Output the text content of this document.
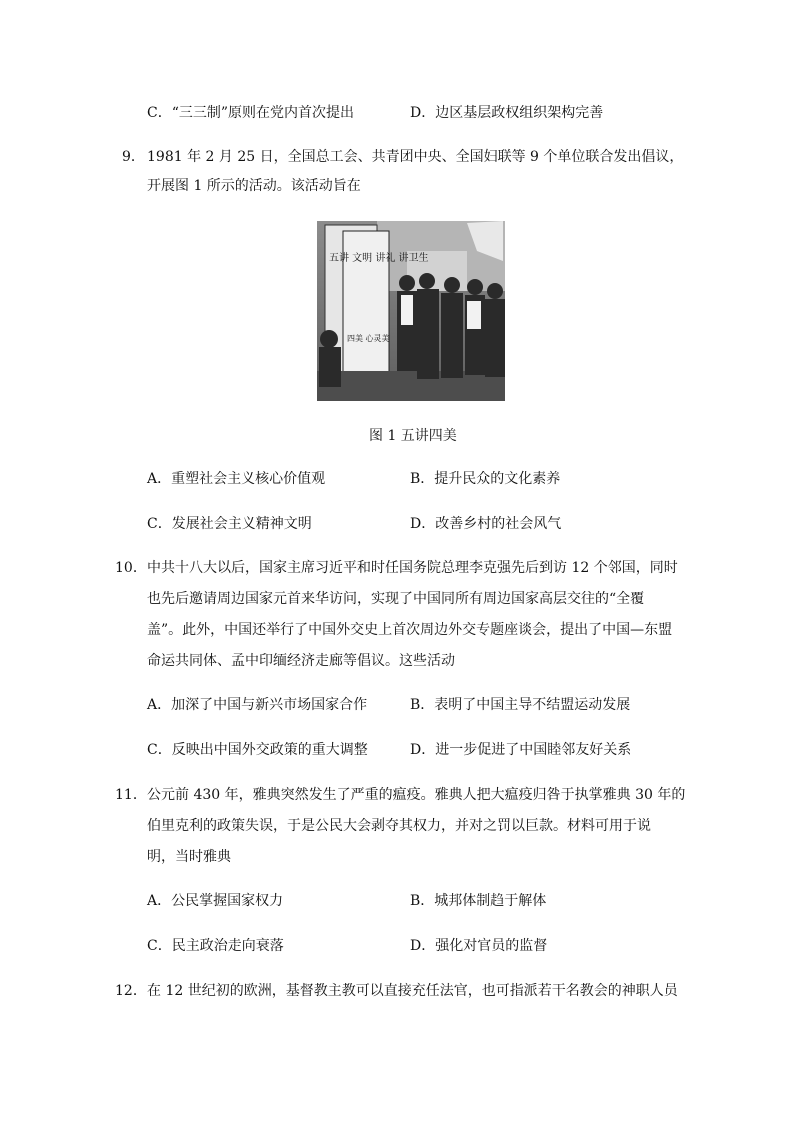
C．“三三制”原则在党内首次提出	D．边区基层政权组织架构完善
9． 1981 年 2 月 25 日，全国总工会、共青团中央、全国妇联等 9 个单位联合发出倡议，
开展图 1 所示的活动。该活动旨在
五讲 文明 讲礼 讲卫生
四美 心灵美
图 1 五讲四美
A．重塑社会主义核心价值观	B．提升民众的文化素养
C．发展社会主义精神文明	D．改善乡村的社会风气
10． 中共十八大以后，国家主席习近平和时任国务院总理李克强先后到访 12 个邻国，同时
也先后邀请周边国家元首来华访问，实现了中国同所有周边国家高层交往的“全覆
盖”。此外，中国还举行了中国外交史上首次周边外交专题座谈会，提出了中国—东盟
命运共同体、孟中印缅经济走廊等倡议。这些活动
A．加深了中国与新兴市场国家合作	B．表明了中国主导不结盟运动发展
C．反映出中国外交政策的重大调整	D．进一步促进了中国睦邻友好关系
11． 公元前 430 年，雅典突然发生了严重的瘟疫。雅典人把大瘟疫归咎于执掌雅典 30 年的
伯里克利的政策失误，于是公民大会剥夺其权力，并对之罚以巨款。材料可用于说
明，当时雅典
A．公民掌握国家权力	B．城邦体制趋于解体
C．民主政治走向衰落	D．强化对官员的监督
12． 在 12 世纪初的欧洲，基督教主教可以直接充任法官，也可指派若干名教会的神职人员
